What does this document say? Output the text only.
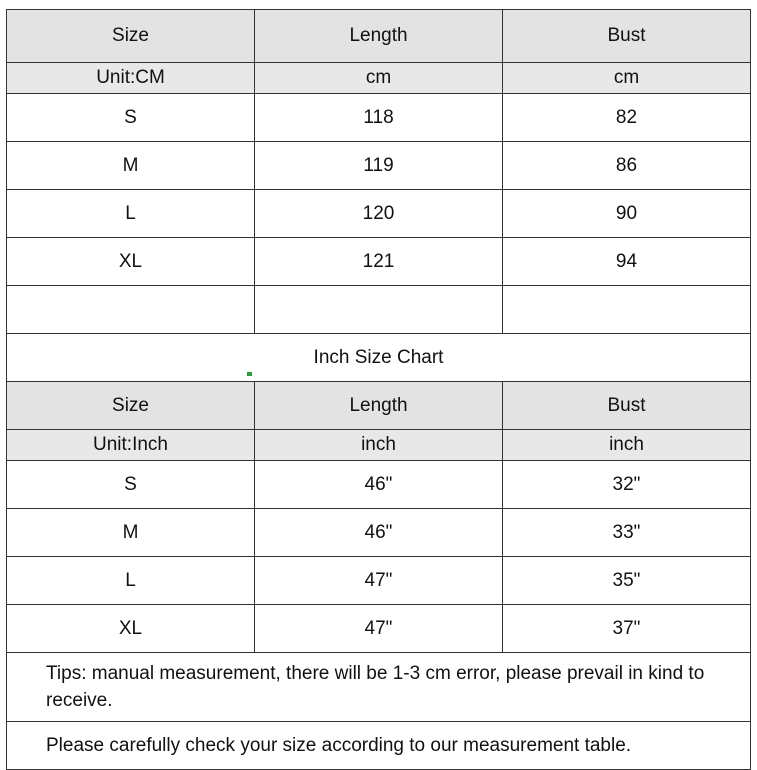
Size	Length	Bust
Unit:CM	cm	cm
S	118	82
M	119	86
L	120	90
XL	121	94

Inch Size Chart		
Size	Length	Bust
Unit:Inch	inch	inch
S	46"	32"
M	46"	33"
L	47"	35"
XL	47"	37"
Tips: manual measurement, there will be 1-3 cm error, please prevail in kind to receive.		
Please carefully check your size according to our measurement table.		
